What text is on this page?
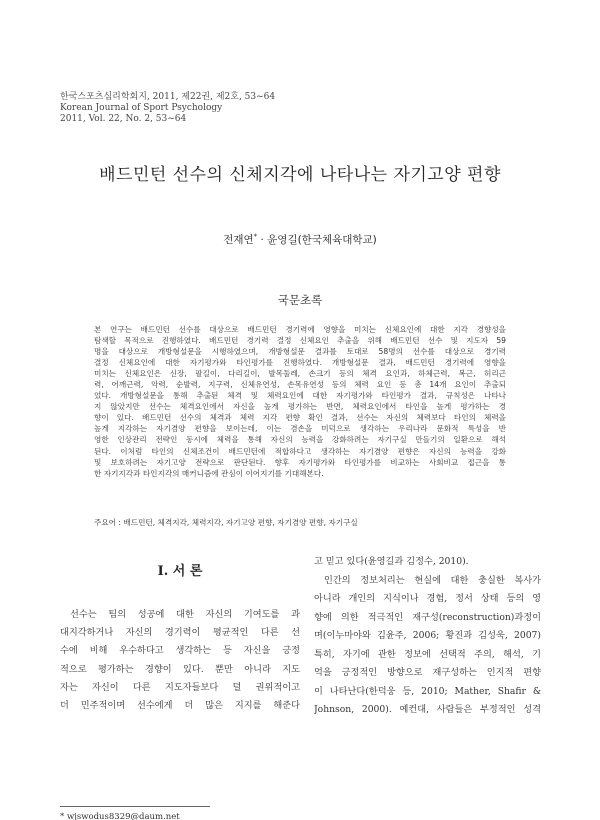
한국스포츠심리학회지, 2011, 제22권, 제2호, 53~64
Korean Journal of Sport Psychology
2011, Vol. 22, No. 2, 53~64
배드민턴 선수의 신체지각에 나타나는 자기고양 편향
전재연* · 윤영길(한국체육대학교)
국문초록
본 연구는 배드민턴 선수를 대상으로 배드민턴 경기력에 영향을 미치는 신체요인에 대한 지각 경향성을
탐색할 목적으로 진행하였다. 배드민턴 경기력 결정 신체요인 추출을 위해 배드민턴 선수 및 지도자 59
명을 대상으로 개방형설문을 시행하였으며, 개방형설문 결과를 토대로 58명의 선수를 대상으로 경기력
결정 신체요인에 대한 자기평가와 타인평가를 진행하였다. 개방형설문 결과, 배드민턴 경기력에 영향을
미치는 신체요인은 신장, 팔길이, 다리길이, 발목둘레, 손크기 등의 체격 요인과, 하체근력, 복근, 허리근
력, 어깨근력, 악력, 순발력, 지구력, 신체유연성, 손목유연성 등의 체력 요인 등 총 14개 요인이 추출되
었다. 개방형설문을 통해 추출된 체격 및 체력요인에 대한 자기평가와 타인평가 결과, 규칙성은 나타나
지 않았지만 선수는 체격요인에서 자신을 높게 평가하는 반면, 체력요인에서 타인을 높게 평가하는 경
향이 있다. 배드민턴 선수의 체격과 체력 지각 편향 확인 결과, 선수는 자신의 체력보다 타인의 체력을
높게 지각하는 자기겸양 편향을 보이는데, 이는 겸손을 미덕으로 생각하는 우리나라 문화적 특성을 반
영한 인상관리 전략인 동시에 체력을 통해 자신의 능력을 강화하려는 자기구실 만들기의 일환으로 해석
된다. 이처럼 타인의 신체조건이 배드민턴에 적합하다고 생각하는 자기겸양 편향은 자신의 능력을 강화
및 보호하려는 자기고양 전략으로 판단된다. 향후 자기평가와 타인평가를 비교하는 사회비교 접근을 통
한 자기지각과 타인지각의 매커니즘에 관심이 이어지기를 기대해본다.
주요어 : 배드민턴, 체격지각, 체력지각, 자기고양 편향, 자기겸양 편향, 자기구실
I. 서 론
선수는 팀의 성공에 대한 자신의 기여도를 과
대지각하거나 자신의 경기력이 평균적인 다른 선
수에 비해 우수하다고 생각하는 등 자신을 긍정
적으로 평가하는 경향이 있다. 뿐만 아니라 지도
자는 자신이 다른 지도자들보다 덜 권위적이고
더 민주적이며 선수에게 더 많은 지지를 해준다
고 믿고 있다(윤영길과 김정수, 2010).
인간의 정보처리는 현실에 대한 충실한 복사가
아니라 개인의 지식이나 경험, 정서 상태 등의 영
향에 의한 적극적인 재구성(reconstruction)과정이
며(이누마야와 김윤주, 2006; 황진과 김성욱, 2007)
특히, 자기에 관한 정보에 선택적 주의, 해석, 기
억을 긍정적인 방향으로 재구성하는 인지적 편향
이 나타난다(한덕웅 등, 2010; Mather, Shafir &
Johnson, 2000). 예컨대, 사람들은 부정적인 성격
* wjswodus8329@daum.net
